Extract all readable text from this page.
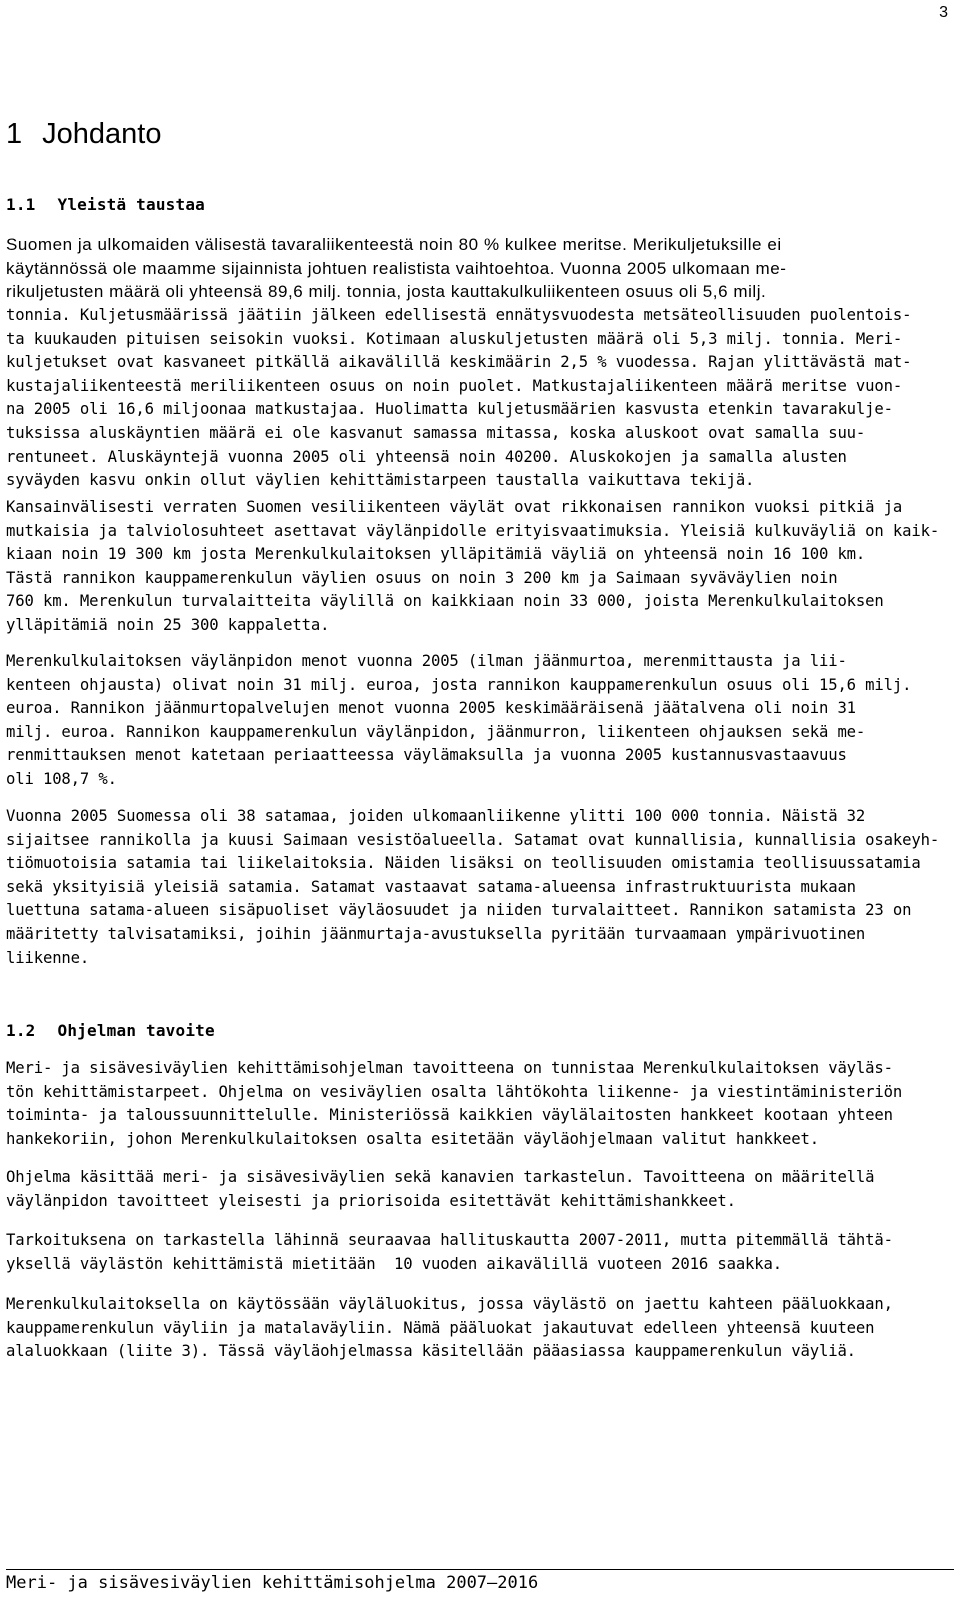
3
1 Johdanto
1.1 Yleistä taustaa
Suomen ja ulkomaiden välisestä tavaraliikenteestä noin 80 % kulkee meritse. Merikuljetuksille ei
käytännössä ole maamme sijainnista johtuen realistista vaihtoehtoa. Vuonna 2005 ulkomaan me-
rikuljetusten määrä oli yhteensä 89,6 milj. tonnia, josta kauttakulkuliikenteen osuus oli 5,6 milj.
tonnia. Kuljetusmäärissä jäätiin jälkeen edellisestä ennätysvuodesta metsäteollisuuden puolentois-
ta kuukauden pituisen seisokin vuoksi. Kotimaan aluskuljetusten määrä oli 5,3 milj. tonnia. Meri-
kuljetukset ovat kasvaneet pitkällä aikavälillä keskimäärin 2,5 % vuodessa. Rajan ylittävästä mat-
kustajaliikenteestä meriliikenteen osuus on noin puolet. Matkustajaliikenteen määrä meritse vuon-
na 2005 oli 16,6 miljoonaa matkustajaa. Huolimatta kuljetusmäärien kasvusta etenkin tavarakulje-
tuksissa aluskäyntien määrä ei ole kasvanut samassa mitassa, koska aluskoot ovat samalla suu-
rentuneet. Aluskäyntejä vuonna 2005 oli yhteensä noin 40200. Aluskokojen ja samalla alusten
syväyden kasvu onkin ollut väylien kehittämistarpeen taustalla vaikuttava tekijä.
Kansainvälisesti verraten Suomen vesiliikenteen väylät ovat rikkonaisen rannikon vuoksi pitkiä ja
mutkaisia ja talviolosuhteet asettavat väylänpidolle erityisvaatimuksia. Yleisiä kulkuväyliä on kaik-
kiaan noin 19 300 km josta Merenkulkulaitoksen ylläpitämiä väyliä on yhteensä noin 16 100 km.
Tästä rannikon kauppamerenkulun väylien osuus on noin 3 200 km ja Saimaan syväväylien noin
760 km. Merenkulun turvalaitteita väylillä on kaikkiaan noin 33 000, joista Merenkulkulaitoksen
ylläpitämiä noin 25 300 kappaletta.
Merenkulkulaitoksen väylänpidon menot vuonna 2005 (ilman jäänmurtoa, merenmittausta ja lii-
kenteen ohjausta) olivat noin 31 milj. euroa, josta rannikon kauppamerenkulun osuus oli 15,6 milj.
euroa. Rannikon jäänmurtopalvelujen menot vuonna 2005 keskimääräisenä jäätalvena oli noin 31
milj. euroa. Rannikon kauppamerenkulun väylänpidon, jäänmurron, liikenteen ohjauksen sekä me-
renmittauksen menot katetaan periaatteessa väylämaksulla ja vuonna 2005 kustannusvastaavuus
oli 108,7 %.
Vuonna 2005 Suomessa oli 38 satamaa, joiden ulkomaanliikenne ylitti 100 000 tonnia. Näistä 32
sijaitsee rannikolla ja kuusi Saimaan vesistöalueella. Satamat ovat kunnallisia, kunnallisia osakeyh-
tiömuotoisia satamia tai liikelaitoksia. Näiden lisäksi on teollisuuden omistamia teollisuussatamia
sekä yksityisiä yleisiä satamia. Satamat vastaavat satama-alueensa infrastruktuurista mukaan
luettuna satama-alueen sisäpuoliset väyläosuudet ja niiden turvalaitteet. Rannikon satamista 23 on
määritetty talvisatamiksi, joihin jäänmurtaja-avustuksella pyritään turvaamaan ympärivuotinen
liikenne.
1.2 Ohjelman tavoite
Meri- ja sisävesiväylien kehittämisohjelman tavoitteena on tunnistaa Merenkulkulaitoksen väyläs-
tön kehittämistarpeet. Ohjelma on vesiväylien osalta lähtökohta liikenne- ja viestintäministeriön
toiminta- ja taloussuunnittelulle. Ministeriössä kaikkien väylälaitosten hankkeet kootaan yhteen
hankekoriin, johon Merenkulkulaitoksen osalta esitetään väyläohjelmaan valitut hankkeet.
Ohjelma käsittää meri- ja sisävesiväylien sekä kanavien tarkastelun. Tavoitteena on määritellä
väylänpidon tavoitteet yleisesti ja priorisoida esitettävät kehittämishankkeet.
Tarkoituksena on tarkastella lähinnä seuraavaa hallituskautta 2007-2011, mutta pitemmällä tähtä-
yksellä väylästön kehittämistä mietitään  10 vuoden aikavälillä vuoteen 2016 saakka.
Merenkulkulaitoksella on käytössään väyläluokitus, jossa väylästö on jaettu kahteen pääluokkaan,
kauppamerenkulun väyliin ja matalaväyliin. Nämä pääluokat jakautuvat edelleen yhteensä kuuteen
alaluokkaan (liite 3). Tässä väyläohjelmassa käsitellään pääasiassa kauppamerenkulun väyliä.
Meri- ja sisävesiväylien kehittämisohjelma 2007—2016
